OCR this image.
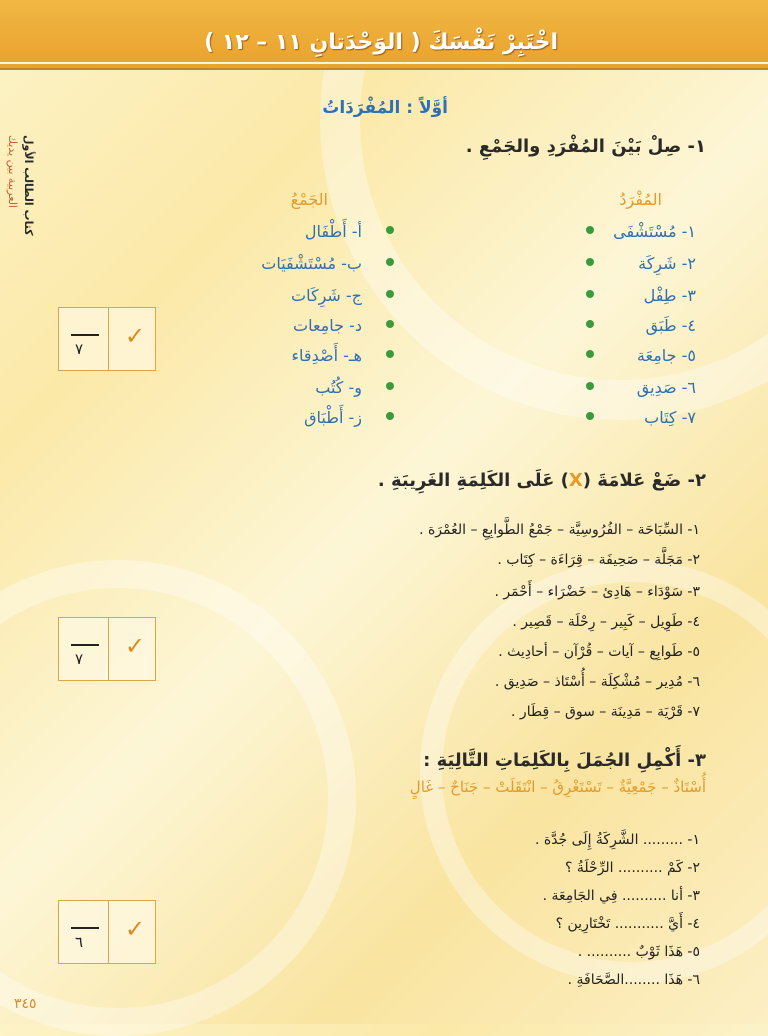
اخْتَبِرْ نَفْسَكَ ( الوَحْدَتانِ ١١ – ١٢ )
كتاب الطالب الأول
العربية بين يديك
أوَّلاً : المُفْرَدَاتُ
١- صِلْ بَيْنَ المُفْرَدِ والجَمْعِ .
المُفْرَدُ
الجَمْعُ
١- مُسْتَشْفَى
٢- شَرِكَة
٣- طِفْل
٤- طَبَق
٥- جامِعَة
٦- صَدِيق
٧- كِتَاب
أ- أَطْفَال
ب- مُسْتَشْفَيَات
ج- شَرِكَات
د- جامِعات
هـ- أَصْدِقاء
و- كُتُب
ز- أَطْبَاق
٢- ضَعْ عَلامَةَ (X) عَلَى الكَلِمَةِ الغَرِيبَةِ .
١- السِّبَاحَة – الفُرُوسِيَّة – جَمْعُ الطَّوابِعِ – العُمْرَة .
٢- مَجَلَّة – صَحِيفَة – قِرَاءَة – كِتَاب .
٣- سَوْدَاء – هَادِئ – خَضْرَاء – أَحْمَر .
٤- طَوِيل – كَبِير – رِحْلَة – قَصِير .
٥- طَوابِع – آيات – قُرْآن – أحادِيث .
٦- مُدِير – مُشْكِلَة – أُسْتَاذ – صَدِيق .
٧- قَرْيَة – مَدِينَة – سوق – قِطَار .
٣- أَكْمِلِ الجُمَلَ بِالكَلِمَاتِ التَّالِيَةِ :
أُسْتَاذٌ – جَمْعِيَّةٌ – تَسْتَغْرِقُ – انْتَقَلَتْ – جَنَاحٌ – غَالٍ
١- ......... الشَّرِكَةُ إِلَى جُدَّة .
٢- كَمْ .......... الرِّحْلَةُ ؟
٣- أنا .......... فِي الجَامِعَة .
٤- أَيَّ ........... تَخْتَارِين ؟
٥- هَذَا ثَوْبٌ .......... .
٦- هَذَا ........الصَّحَافَةِ .
✓
٧
✓
٧
✓
٦
٣٤٥
